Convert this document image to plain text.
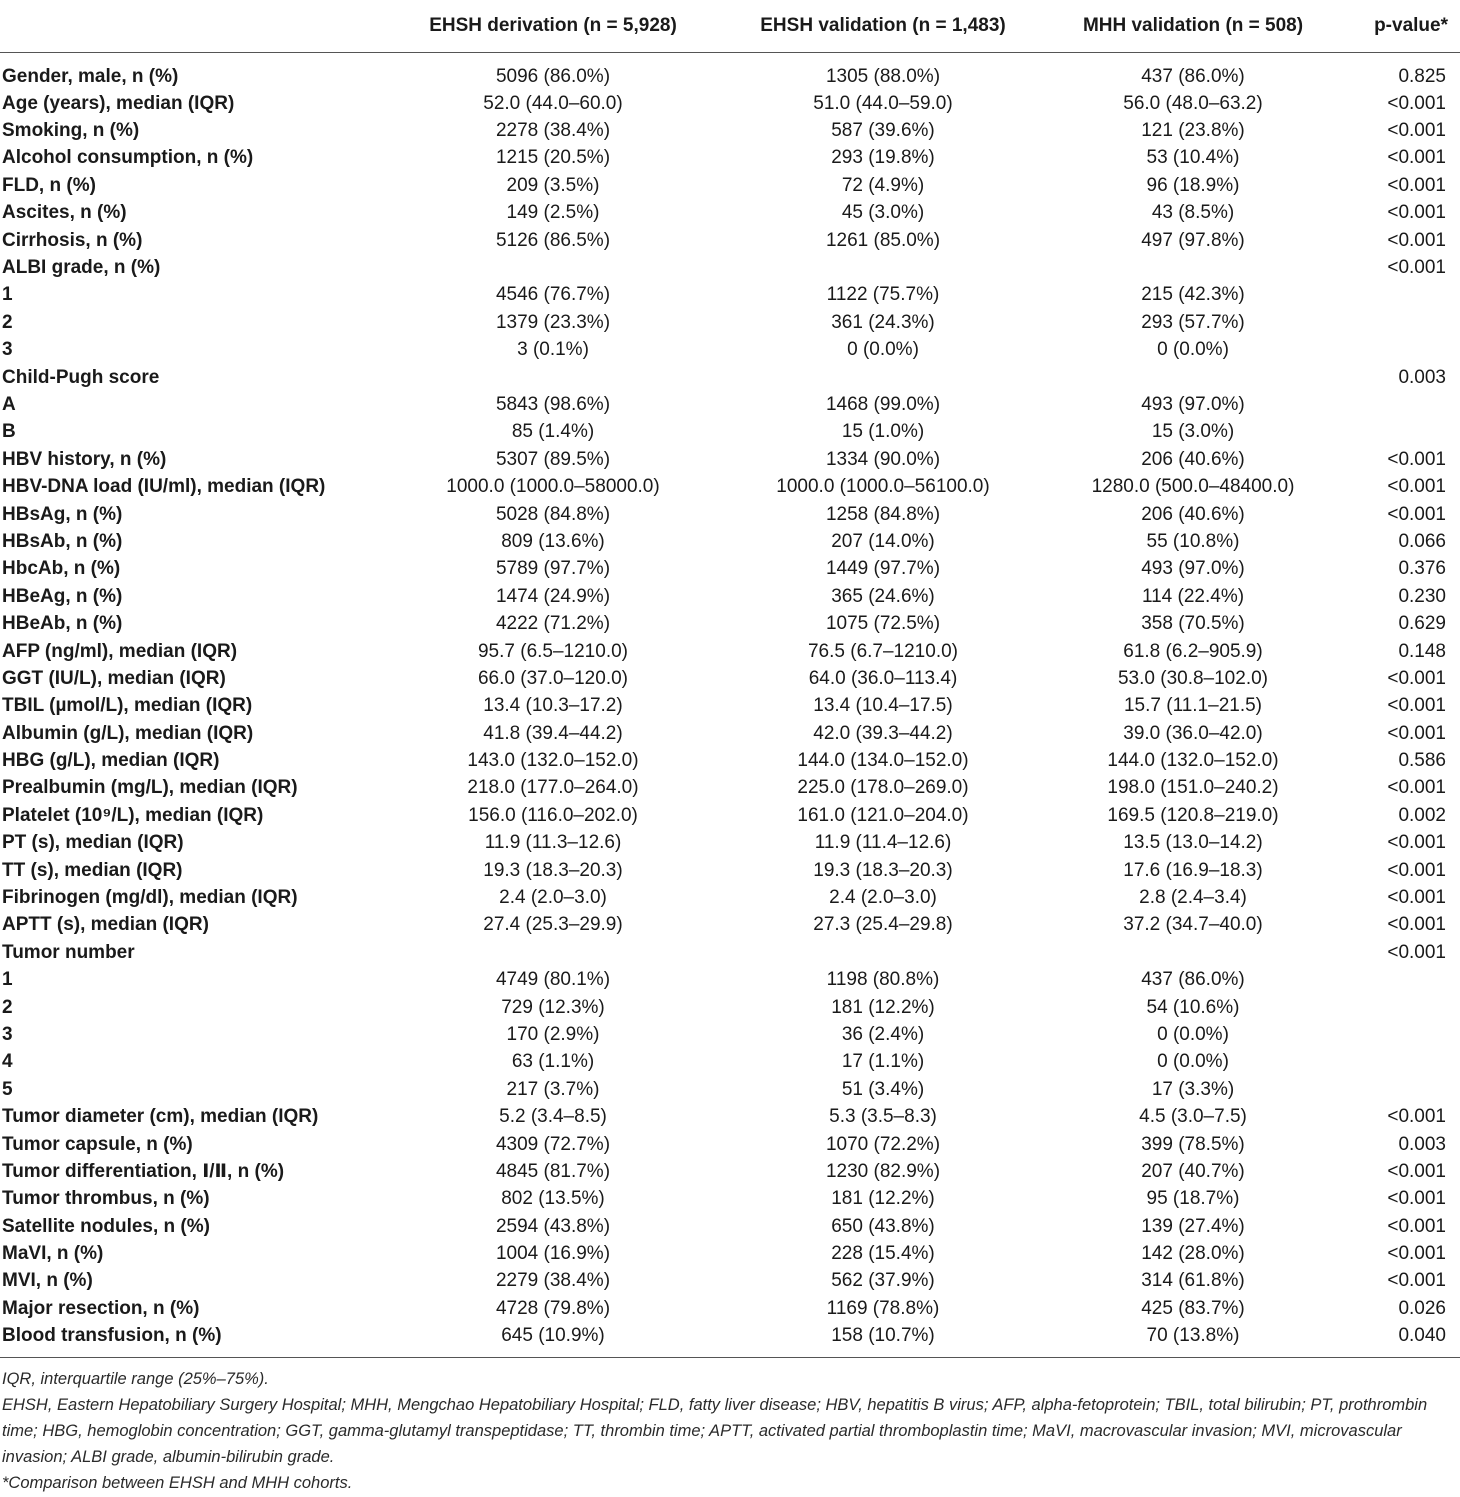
	EHSH derivation (n = 5,928)	EHSH validation (n = 1,483)	MHH validation (n = 508)	p-value*
Gender, male, n (%)	5096 (86.0%)	1305 (88.0%)	437 (86.0%)	0.825
Age (years), median (IQR)	52.0 (44.0–60.0)	51.0 (44.0–59.0)	56.0 (48.0–63.2)	<0.001
Smoking, n (%)	2278 (38.4%)	587 (39.6%)	121 (23.8%)	<0.001
Alcohol consumption, n (%)	1215 (20.5%)	293 (19.8%)	53 (10.4%)	<0.001
FLD, n (%)	209 (3.5%)	72 (4.9%)	96 (18.9%)	<0.001
Ascites, n (%)	149 (2.5%)	45 (3.0%)	43 (8.5%)	<0.001
Cirrhosis, n (%)	5126 (86.5%)	1261 (85.0%)	497 (97.8%)	<0.001
ALBI grade, n (%)				<0.001
1	4546 (76.7%)	1122 (75.7%)	215 (42.3%)	
2	1379 (23.3%)	361 (24.3%)	293 (57.7%)	
3	3 (0.1%)	0 (0.0%)	0 (0.0%)	
Child-Pugh score				0.003
A	5843 (98.6%)	1468 (99.0%)	493 (97.0%)	
B	85 (1.4%)	15 (1.0%)	15 (3.0%)	
HBV history, n (%)	5307 (89.5%)	1334 (90.0%)	206 (40.6%)	<0.001
HBV-DNA load (IU/ml), median (IQR)	1000.0 (1000.0–58000.0)	1000.0 (1000.0–56100.0)	1280.0 (500.0–48400.0)	<0.001
HBsAg, n (%)	5028 (84.8%)	1258 (84.8%)	206 (40.6%)	<0.001
HBsAb, n (%)	809 (13.6%)	207 (14.0%)	55 (10.8%)	0.066
HbcAb, n (%)	5789 (97.7%)	1449 (97.7%)	493 (97.0%)	0.376
HBeAg, n (%)	1474 (24.9%)	365 (24.6%)	114 (22.4%)	0.230
HBeAb, n (%)	4222 (71.2%)	1075 (72.5%)	358 (70.5%)	0.629
AFP (ng/ml), median (IQR)	95.7 (6.5–1210.0)	76.5 (6.7–1210.0)	61.8 (6.2–905.9)	0.148
GGT (IU/L), median (IQR)	66.0 (37.0–120.0)	64.0 (36.0–113.4)	53.0 (30.8–102.0)	<0.001
TBIL (µmol/L), median (IQR)	13.4 (10.3–17.2)	13.4 (10.4–17.5)	15.7 (11.1–21.5)	<0.001
Albumin (g/L), median (IQR)	41.8 (39.4–44.2)	42.0 (39.3–44.2)	39.0 (36.0–42.0)	<0.001
HBG (g/L), median (IQR)	143.0 (132.0–152.0)	144.0 (134.0–152.0)	144.0 (132.0–152.0)	0.586
Prealbumin (mg/L), median (IQR)	218.0 (177.0–264.0)	225.0 (178.0–269.0)	198.0 (151.0–240.2)	<0.001
Platelet (10⁹/L), median (IQR)	156.0 (116.0–202.0)	161.0 (121.0–204.0)	169.5 (120.8–219.0)	0.002
PT (s), median (IQR)	11.9 (11.3–12.6)	11.9 (11.4–12.6)	13.5 (13.0–14.2)	<0.001
TT (s), median (IQR)	19.3 (18.3–20.3)	19.3 (18.3–20.3)	17.6 (16.9–18.3)	<0.001
Fibrinogen (mg/dl), median (IQR)	2.4 (2.0–3.0)	2.4 (2.0–3.0)	2.8 (2.4–3.4)	<0.001
APTT (s), median (IQR)	27.4 (25.3–29.9)	27.3 (25.4–29.8)	37.2 (34.7–40.0)	<0.001
Tumor number				<0.001
1	4749 (80.1%)	1198 (80.8%)	437 (86.0%)	
2	729 (12.3%)	181 (12.2%)	54 (10.6%)	
3	170 (2.9%)	36 (2.4%)	0 (0.0%)	
4	63 (1.1%)	17 (1.1%)	0 (0.0%)	
5	217 (3.7%)	51 (3.4%)	17 (3.3%)	
Tumor diameter (cm), median (IQR)	5.2 (3.4–8.5)	5.3 (3.5–8.3)	4.5 (3.0–7.5)	<0.001
Tumor capsule, n (%)	4309 (72.7%)	1070 (72.2%)	399 (78.5%)	0.003
Tumor differentiation, Ⅰ/Ⅱ, n (%)	4845 (81.7%)	1230 (82.9%)	207 (40.7%)	<0.001
Tumor thrombus, n (%)	802 (13.5%)	181 (12.2%)	95 (18.7%)	<0.001
Satellite nodules, n (%)	2594 (43.8%)	650 (43.8%)	139 (27.4%)	<0.001
MaVI, n (%)	1004 (16.9%)	228 (15.4%)	142 (28.0%)	<0.001
MVI, n (%)	2279 (38.4%)	562 (37.9%)	314 (61.8%)	<0.001
Major resection, n (%)	4728 (79.8%)	1169 (78.8%)	425 (83.7%)	0.026
Blood transfusion, n (%)	645 (10.9%)	158 (10.7%)	70 (13.8%)	0.040

IQR, interquartile range (25%–75%).

EHSH, Eastern Hepatobiliary Surgery Hospital; MHH, Mengchao Hepatobiliary Hospital; FLD, fatty liver disease; HBV, hepatitis B virus; AFP, alpha-fetoprotein; TBIL, total bilirubin; PT, prothrombin time; HBG, hemoglobin concentration; GGT, gamma-glutamyl transpeptidase; TT, thrombin time; APTT, activated partial thromboplastin time; MaVI, macrovascular invasion; MVI, microvascular invasion; ALBI grade, albumin-bilirubin grade.

*Comparison between EHSH and MHH cohorts.
